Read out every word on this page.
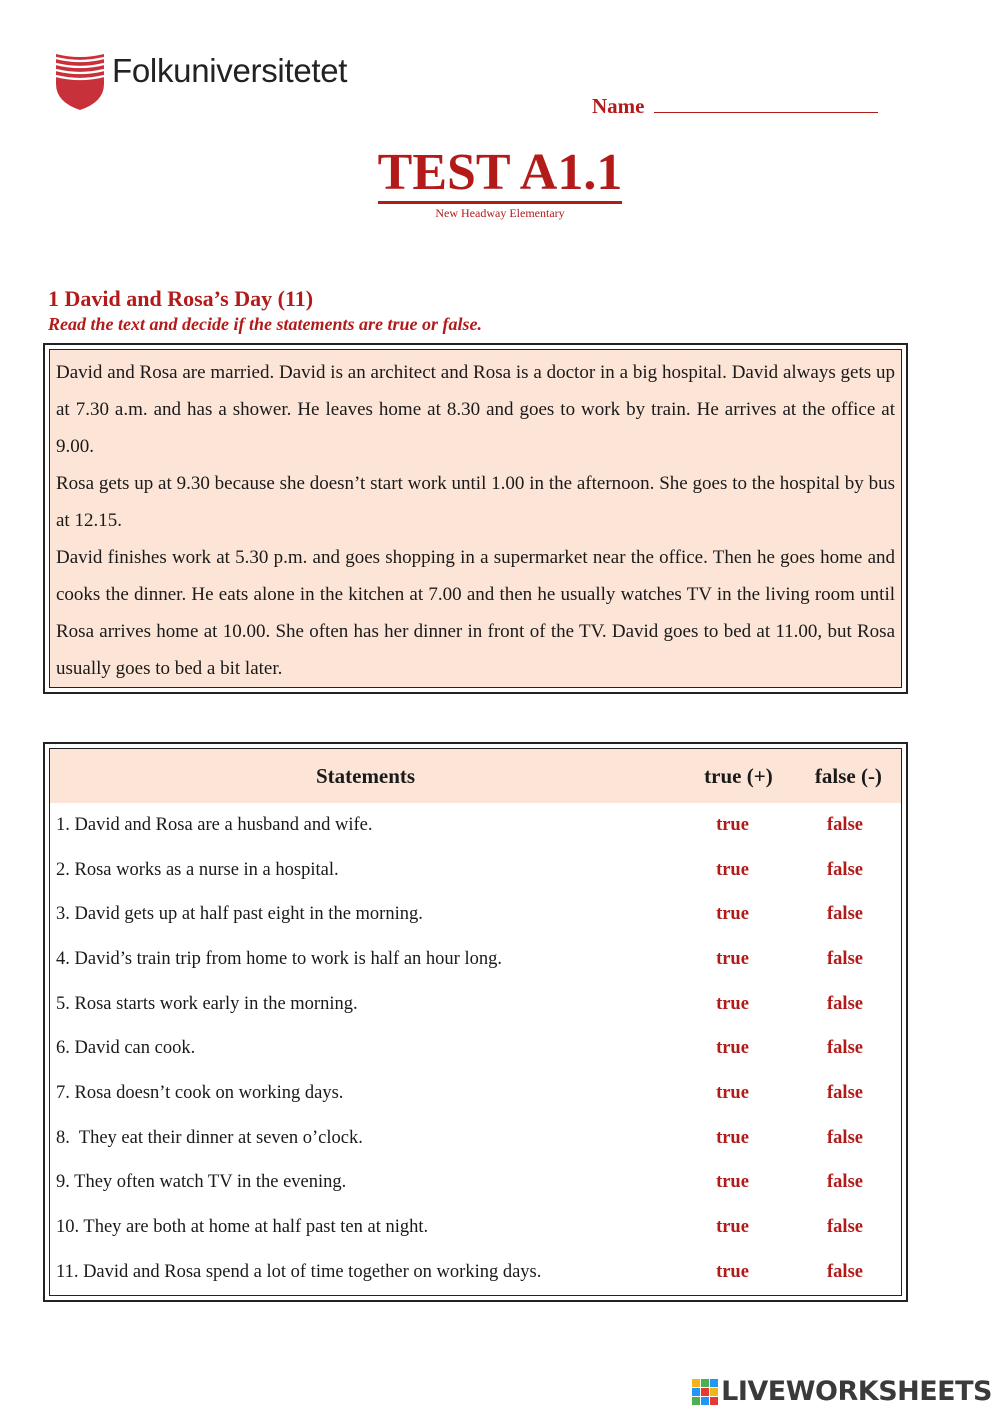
Folkuniversitetet
Name
TEST A1.1
New Headway Elementary
1 David and Rosa’s Day (11)
Read the text and decide if the statements are true or false.

David and Rosa are married. David is an architect and Rosa is a doctor in a big hospital. David always gets up at 7.30 a.m. and has a shower. He leaves home at 8.30 and goes to work by train. He arrives at the office at 9.00.

Rosa gets up at 9.30 because she doesn’t start work until 1.00 in the afternoon. She goes to the hospital by bus at 12.15.

David finishes work at 5.30 p.m. and goes shopping in a supermarket near the office. Then he goes home and cooks the dinner. He eats alone in the kitchen at 7.00 and then he usually watches TV in the living room until Rosa arrives home at 10.00. She often has her dinner in front of the TV. David goes to bed at 11.00, but Rosa usually goes to bed a bit later.

Statements	true (+)	false (-)
1. David and Rosa are a husband and wife.	true	false
2. Rosa works as a nurse in a hospital.	true	false
3. David gets up at half past eight in the morning.	true	false
4. David’s train trip from home to work is half an hour long.	true	false
5. Rosa starts work early in the morning.	true	false
6. David can cook.	true	false
7. Rosa doesn’t cook on working days.	true	false
8.  They eat their dinner at seven o’clock.	true	false
9. They often watch TV in the evening.	true	false
10. They are both at home at half past ten at night.	true	false
11. David and Rosa spend a lot of time together on working days.	true	false
LIVEWORKSHEETS
